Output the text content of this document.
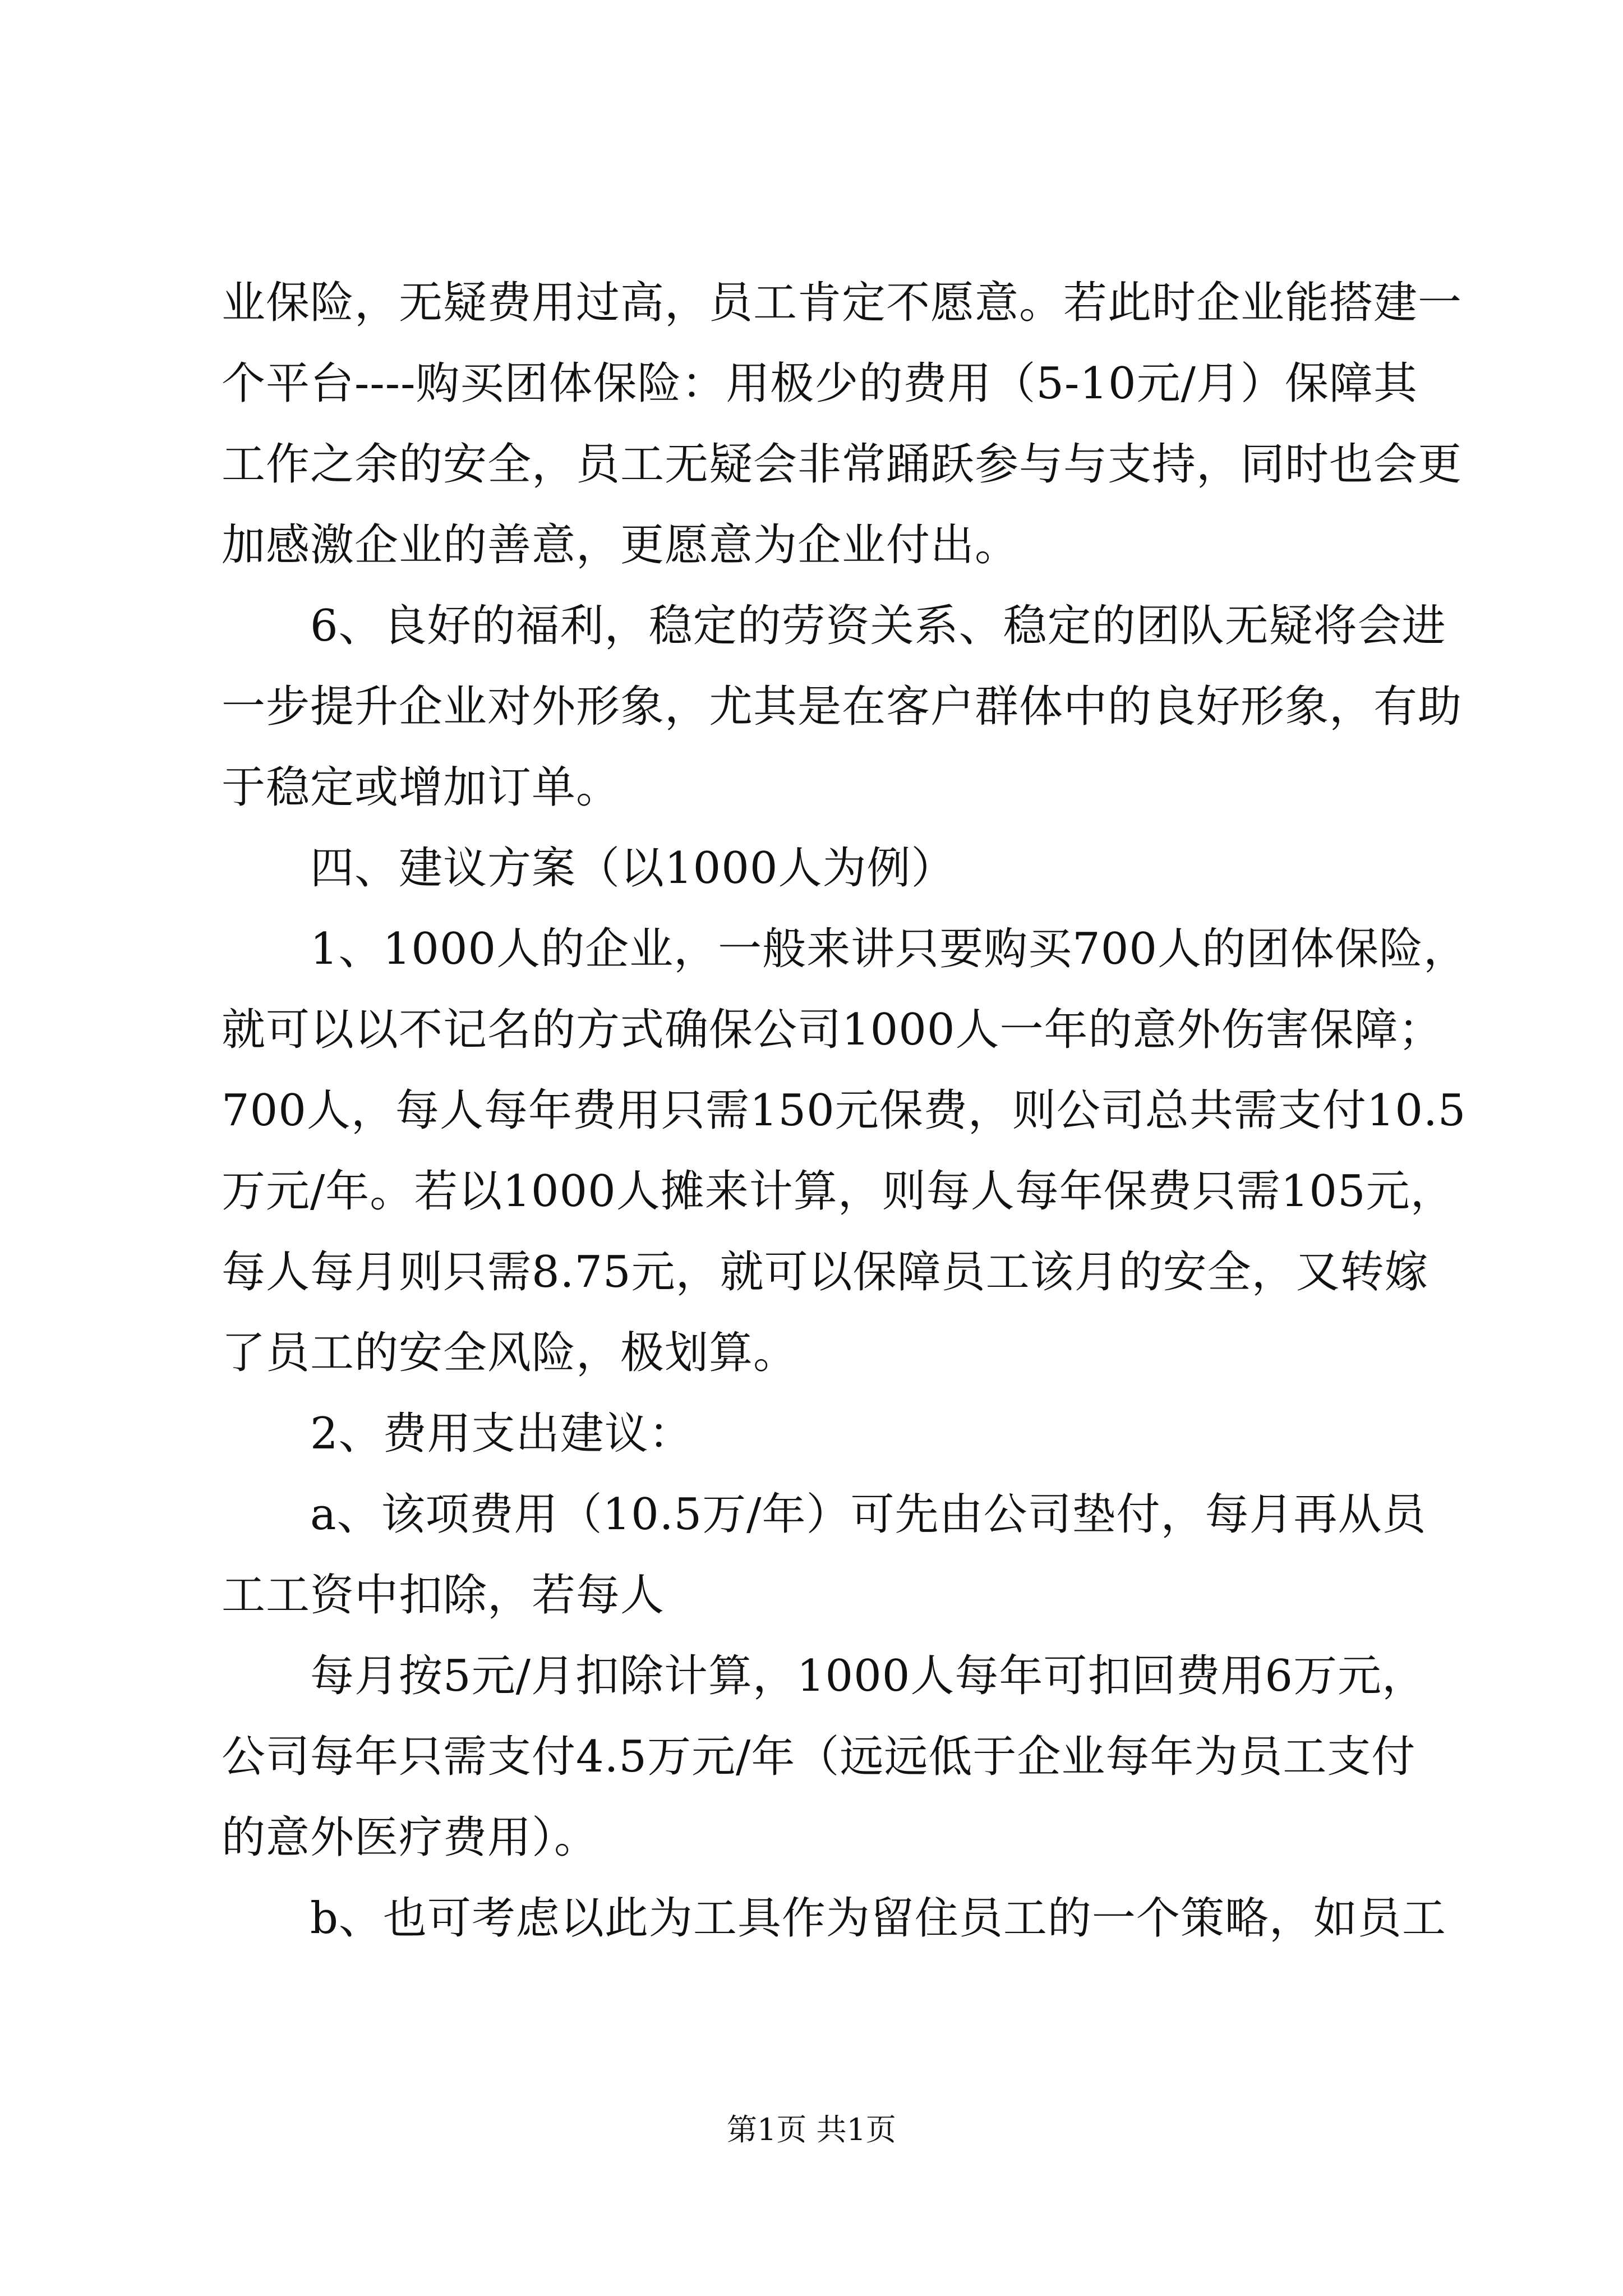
业保险，无疑费用过高，员工肯定不愿意。若此时企业能搭建一
个平台----购买团体保险：用极少的费用（5-10元/月）保障其
工作之余的安全，员工无疑会非常踊跃参与与支持，同时也会更
加感激企业的善意，更愿意为企业付出。
6、良好的福利，稳定的劳资关系、稳定的团队无疑将会进
一步提升企业对外形象，尤其是在客户群体中的良好形象，有助
于稳定或增加订单。
四、建议方案（以1000人为例）
1、1000人的企业，一般来讲只要购买700人的团体保险，
就可以以不记名的方式确保公司1000人一年的意外伤害保障；
700人，每人每年费用只需150元保费，则公司总共需支付10.5
万元/年。若以1000人摊来计算，则每人每年保费只需105元，
每人每月则只需8.75元，就可以保障员工该月的安全，又转嫁
了员工的安全风险，极划算。
2、费用支出建议：
a、该项费用（10.5万/年）可先由公司垫付，每月再从员
工工资中扣除，若每人
每月按5元/月扣除计算，1000人每年可扣回费用6万元，
公司每年只需支付4.5万元/年（远远低于企业每年为员工支付
的意外医疗费用）。
b、也可考虑以此为工具作为留住员工的一个策略，如员工
第1页 共1页
